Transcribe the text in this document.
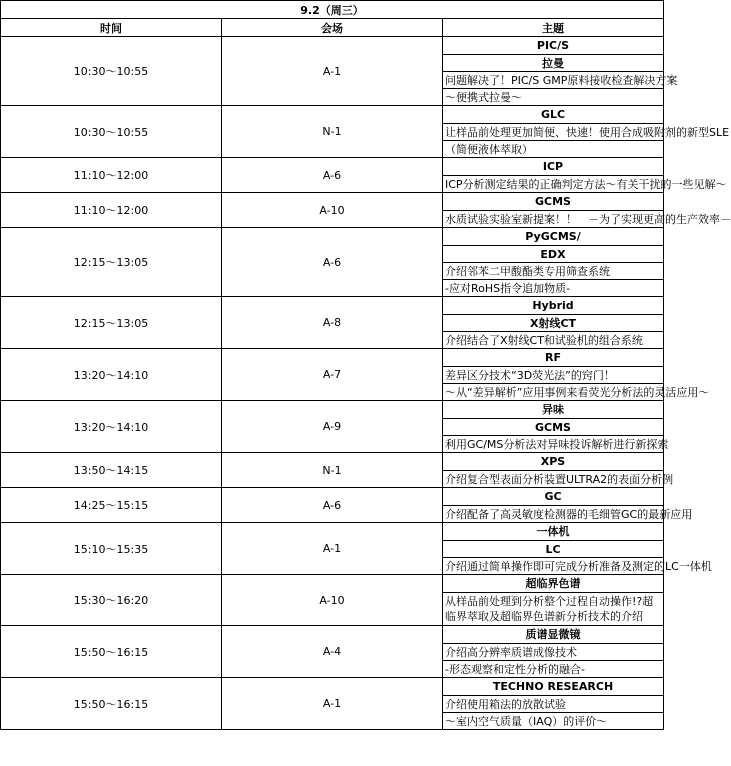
9.2（周三）		
时间	会场	主题
10:30～10:55	A-1	PIC/S
拉曼
问题解决了！PIC/S GMP原料接收检查解决方案
～便携式拉曼～

10:30～10:55	N-1	GLC
让样品前处理更加简便、快速！使用合成吸附剂的新型SLE
（简便液体萃取）

11:10～12:00	A-6	ICP
ICP分析测定结果的正确判定方法～有关干扰的一些见解～

11:10～12:00	A-10	GCMS
水质试验实验室新提案！！　－为了实现更高的生产效率－

12:15～13:05	A-6	PyGCMS/
EDX
介绍邻苯二甲酸酯类专用筛查系统
-应对RoHS指令追加物质-

12:15～13:05	A-8	Hybrid
X射线CT
介绍结合了X射线CT和试验机的组合系统

13:20～14:10	A-7	RF
差异区分技术“3D荧光法”的窍门！
～从“差异解析”应用事例来看荧光分析法的灵活应用～

13:20～14:10	A-9	异味
GCMS
利用GC/MS分析法对异味投诉解析进行新探索

13:50～14:15	N-1	XPS
介绍复合型表面分析装置ULTRA2的表面分析例

14:25～15:15	A-6	GC
介绍配备了高灵敏度检测器的毛细管GC的最新应用

15:10～15:35	A-1	一体机
LC
介绍通过简单操作即可完成分析准备及测定的LC一体机

15:30～16:20	A-10	超临界色谱
从样品前处理到分析整个过程自动操作!?超临界萃取及超临界色谱新分析技术的介绍

15:50～16:15	A-4	质谱显微镜
介绍高分辨率质谱成像技术
-形态观察和定性分析的融合-

15:50～16:15	A-1	TECHNO RESEARCH
介绍使用箱法的放散试验
～室内空气质量（IAQ）的评价～
